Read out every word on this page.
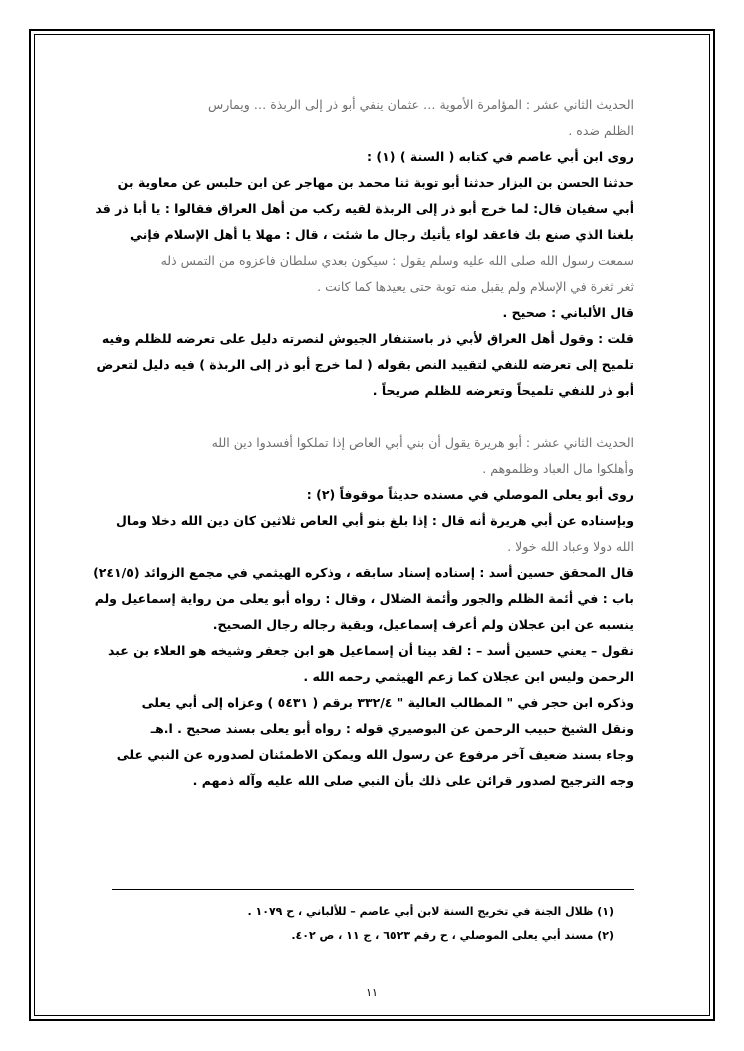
الحديث الثاني عشر : المؤامرة الأموية … عثمان ينفي أبو ذر إلى الربذة … ويمارس
الظلم ضده .
روى ابن أبي عاصم في كتابه ( السنة ) (١) :
حدثنا الحسن بن البزار حدثنا أبو توبة ثنا محمد بن مهاجر عن ابن حلبس عن معاوية بن
أبي سفيان قال: لما خرج أبو ذر إلى الربذة لقيه ركب من أهل العراق فقالوا : يا أبا ذر قد
بلغنا الذي صنع بك فاعقد لواء يأتيك رجال ما شئت ، قال : مهلا يا أهل الإسلام فإني
سمعت رسول الله صلى الله عليه وسلم يقول : سيكون بعدي سلطان فاعزوه من التمس ذله
ثغر ثغرة في الإسلام ولم يقبل منه توبة حتى يعيدها كما كانت .
قال الألباني : صحيح .
قلت : وقول أهل العراق لأبي ذر باستنفار الجيوش لنصرته دليل على تعرضه للظلم وفيه
تلميح إلى تعرضه للنفي لتقييد النص بقوله ( لما خرج أبو ذر إلى الربذة ) فيه دليل لتعرض
أبو ذر للنفي تلميحاً وتعرضه للظلم صريحاً .
الحديث الثاني عشر : أبو هريرة يقول أن بني أبي العاص إذا تملكوا أفسدوا دين الله
وأهلكوا مال العباد وظلموهم .
روى أبو يعلى الموصلي في مسنده حديثاً موقوفاً (٢) :
وبإسناده عن أبي هريرة أنه قال : إذا بلغ بنو أبي العاص ثلاثين كان دين الله دخلا ومال
الله دولا وعباد الله خولا .
قال المحقق حسين أسد : إسناده إسناد سابقه ، وذكره الهيثمي في مجمع الزوائد (٢٤١/٥)
باب : في أئمة الظلم والجور وأئمة الضلال ، وقال : رواه أبو يعلى من رواية إسماعيل ولم
ينسبه عن ابن عجلان ولم أعرف إسماعيل، وبقية رجاله رجال الصحيح.
نقول – يعني حسين أسد – : لقد بينا أن إسماعيل هو ابن جعفر وشيخه هو العلاء بن عبد
الرحمن وليس ابن عجلان كما زعم الهيثمي رحمه الله .
وذكره ابن حجر في " المطالب العالية " ٣٣٢/٤ برقم ( ٥٤٣١ ) وعزاه إلى أبي يعلى
ونقل الشيخ حبيب الرحمن عن البوصيري قوله : رواه أبو يعلى بسند صحيح . ا.هـ
وجاء بسند ضعيف آخر مرفوع عن رسول الله ويمكن الاطمئنان لصدوره عن النبي على
وجه الترجيح لصدور قرائن على ذلك بأن النبي صلى الله عليه وآله ذمهم .
(١) ظلال الجنة في تخريج السنة لابن أبي عاصم – للألباني ، ح ١٠٧٩ .
(٢) مسند أبي يعلى الموصلي ، ح رقم ٦٥٢٣ ، ج ١١ ، ص ٤٠٢.
١١
